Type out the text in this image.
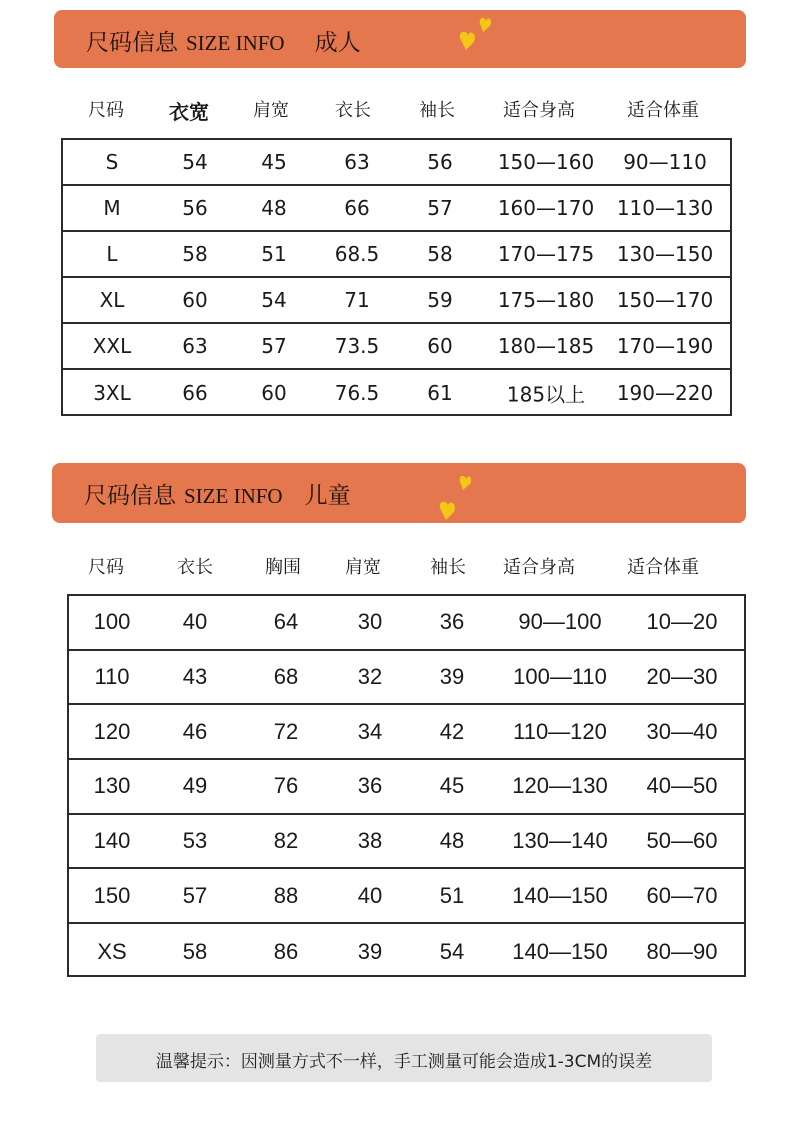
尺码信息 SIZE INFO 成人
尺码 衣宽 肩宽	衣长	袖长	适合身高	适合体重
S	54	45	63	56 150—160 90—110
M	56	48	66	57 160—170 110—130
L	58	51 68.5 58 170—175 130—150
XL	60	54	71	59 175—180 150—170
XXL	63	57 73.5 60 180—185 170—190
3XL	66	60 76.5 61	185以上 190—220
尺码信息 SIZE INFO 儿童
尺码	衣长	胸围 肩宽	袖长 适合身高	适合体重
100 40	64	30	36 90—100 10—20
110 43	68	32	39 100—110 20—30
120 46	72	34	42 110—120 30—40
130 49	76	36	45 120—130 40—50
140 53	82	38	48 130—140 50—60
150 57	88	40	51 140—150 60—70
XS	58	86	39	54 140—150 80—90
温馨提示：因测量方式不一样，手工测量可能会造成1-3CM的误差
